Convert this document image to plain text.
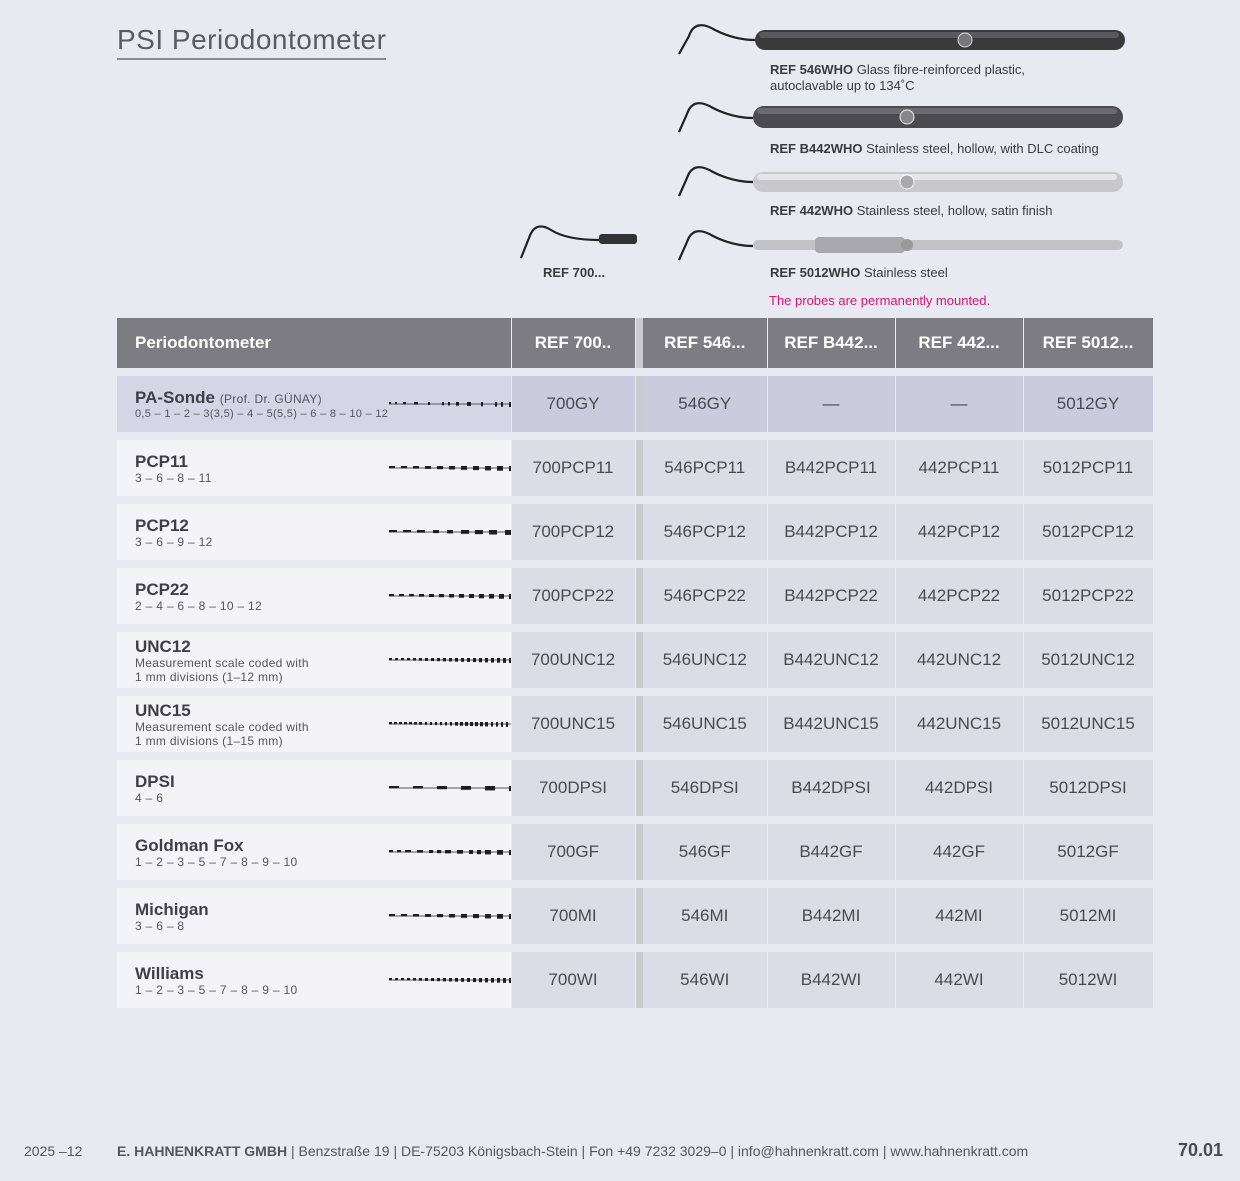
PSI Periodontometer
REF 546WHO Glass fibre-reinforced plastic,
autoclavable up to 134˚C
REF B442WHO Stainless steel, hollow, with DLC coating
REF 442WHO Stainless steel, hollow, satin finish
REF 5012WHO Stainless steel
REF 700...
The probes are permanently mounted.
Periodontometer	REF 700..		REF 546...	REF B442...	REF 442...	REF 5012...

PA-Sonde (Prof. Dr. GÜNAY)
0,5 – 1 – 2 – 3(3,5) – 4 – 5(5,5) – 6 – 8 – 10 – 12	700GY		546GY	—	—	5012GY

PCP11
3 – 6 – 8 – 11	700PCP11		546PCP11	B442PCP11	442PCP11	5012PCP11

PCP12
3 – 6 – 9 – 12	700PCP12		546PCP12	B442PCP12	442PCP12	5012PCP12

PCP22
2 – 4 – 6 – 8 – 10 – 12	700PCP22		546PCP22	B442PCP22	442PCP22	5012PCP22

UNC12
Measurement scale coded with
1 mm divisions (1–12 mm)	700UNC12		546UNC12	B442UNC12	442UNC12	5012UNC12

UNC15
Measurement scale coded with
1 mm divisions (1–15 mm)	700UNC15		546UNC15	B442UNC15	442UNC15	5012UNC15

DPSI
4 – 6	700DPSI		546DPSI	B442DPSI	442DPSI	5012DPSI

Goldman Fox
1 – 2 – 3 – 5 – 7 – 8 – 9 – 10	700GF		546GF	B442GF	442GF	5012GF

Michigan
3 – 6 – 8	700MI		546MI	B442MI	442MI	5012MI

Williams
1 – 2 – 3 – 5 – 7 – 8 – 9 – 10	700WI		546WI	B442WI	442WI	5012WI
2025 –12 E. HAHNENKRATT GMBH | Benzstraße 19 | DE-75203 Königsbach-Stein | Fon +49 7232 3029–0 | info@hahnenkratt.com | www.hahnenkratt.com	70.01
